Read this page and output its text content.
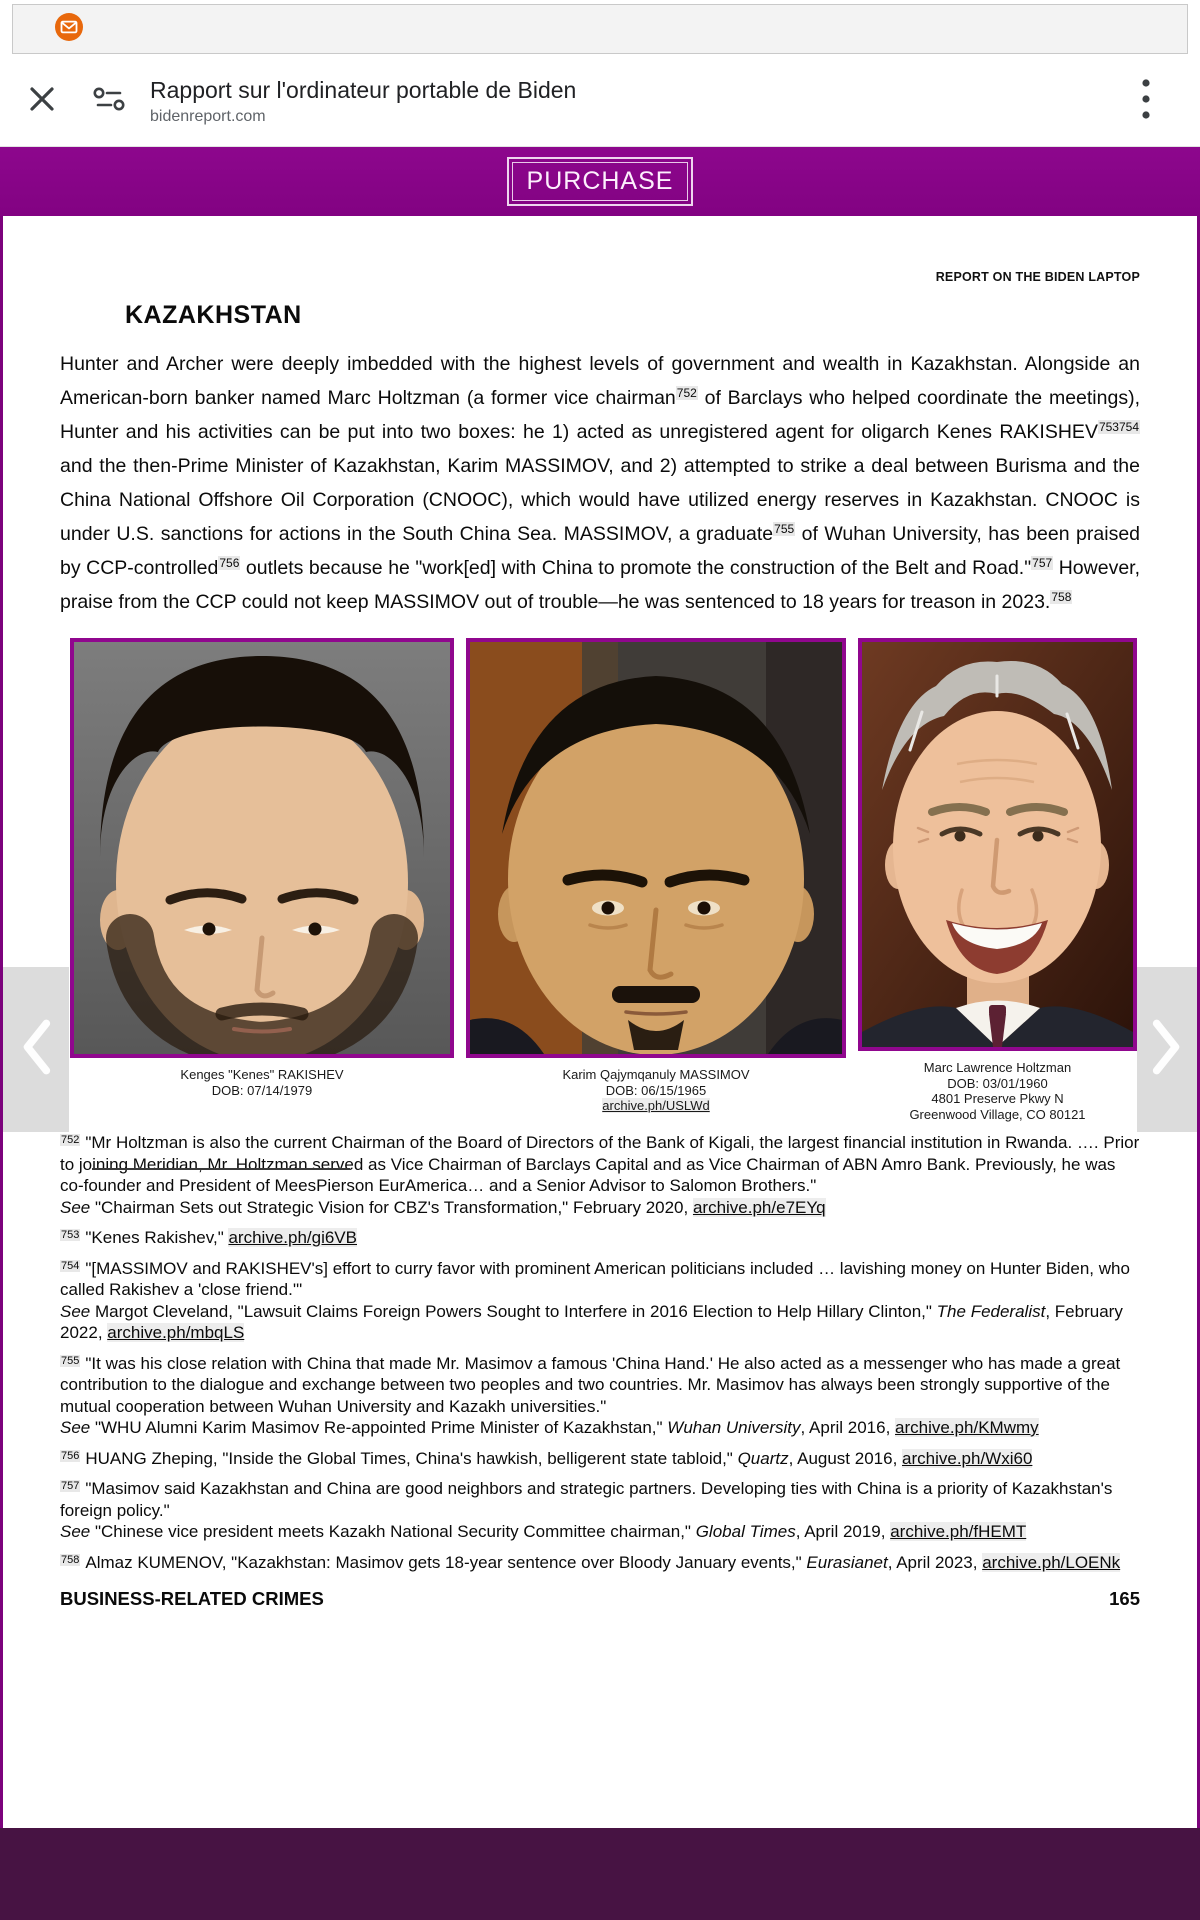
Rapport sur l'ordinateur portable de Biden
bidenreport.com
PURCHASE
REPORT ON THE BIDEN LAPTOP
KAZAKHSTAN
Hunter and Archer were deeply imbedded with the highest levels of government and wealth in Kazakhstan. Alongside an American-born banker named Marc Holtzman (a former vice chairman$^{752}$ of Barclays who helped coordinate the meetings), Hunter and his activities can be put into two boxes: he 1) acted as unregistered agent for oligarch Kenes $RAKISHEV^{753754}$ and the then-Prime Minister of Kazakhstan, Karim MASSIMOV, and 2) attempted to strike a deal between Burisma and the China National Offshore Oil Corporation (CNOOC), which would have utilized energy reserves in Kazakhstan. CNOOC is under U.S. sanctions for actions in the South China Sea. MASSIMOV, a graduate$^{755}$ of Wuhan University, has been praised by CCP-controlled$^{756}$ outlets because he "work[ed] with China to promote the construction of the Belt and Road."$^{757}$ However, praise from the CCP could not keep MASSIMOV out of trouble—he was sentenced to 18 years for treason in 2023.$^{758}$
Kenges "Kenes" RAKISHEV
DOB: 07/14/1979
Karim Qajymqanuly MASSIMOV
DOB: 06/15/1965
archive.ph/USLWd
Marc Lawrence Holtzman
DOB: 03/01/1960
4801 Preserve Pkwy N
Greenwood Village, CO 80121
$^{752}$ "Mr Holtzman is also the current Chairman of the Board of Directors of the Bank of Kigali, the largest financial institution in Rwanda. …. Prior to joining Meridian, Mr. Holtzman served as Vice Chairman of Barclays Capital and as Vice Chairman of ABN Amro Bank. Previously, he was co-founder and President of MeesPierson EurAmerica… and a Senior Advisor to Salomon Brothers."
See "Chairman Sets out Strategic Vision for CBZ's Transformation," February 2020, archive.ph/e7EYq
$^{753}$ "Kenes Rakishev," archive.ph/gi6VB
$^{754}$ "[MASSIMOV and RAKISHEV's] effort to curry favor with prominent American politicians included … lavishing money on Hunter Biden, who called Rakishev a 'close friend.'"
See Margot Cleveland, "Lawsuit Claims Foreign Powers Sought to Interfere in 2016 Election to Help Hillary Clinton," The Federalist, February 2022, archive.ph/mbqLS
$^{755}$ "It was his close relation with China that made Mr. Masimov a famous 'China Hand.' He also acted as a messenger who has made a great contribution to the dialogue and exchange between two peoples and two countries. Mr. Masimov has always been strongly supportive of the mutual cooperation between Wuhan University and Kazakh universities."
See "WHU Alumni Karim Masimov Re-appointed Prime Minister of Kazakhstan," Wuhan University, April 2016, archive.ph/KMwmy
$^{756}$ HUANG Zheping, "Inside the Global Times, China's hawkish, belligerent state tabloid," Quartz, August 2016, archive.ph/Wxi60
$^{757}$ "Masimov said Kazakhstan and China are good neighbors and strategic partners. Developing ties with China is a priority of Kazakhstan's foreign policy."
See "Chinese vice president meets Kazakh National Security Committee chairman," Global Times, April 2019, archive.ph/fHEMT
$^{758}$ Almaz KUMENOV, "Kazakhstan: Masimov gets 18-year sentence over Bloody January events," Eurasianet, April 2023, archive.ph/LOENk
BUSINESS-RELATED CRIMES	165
